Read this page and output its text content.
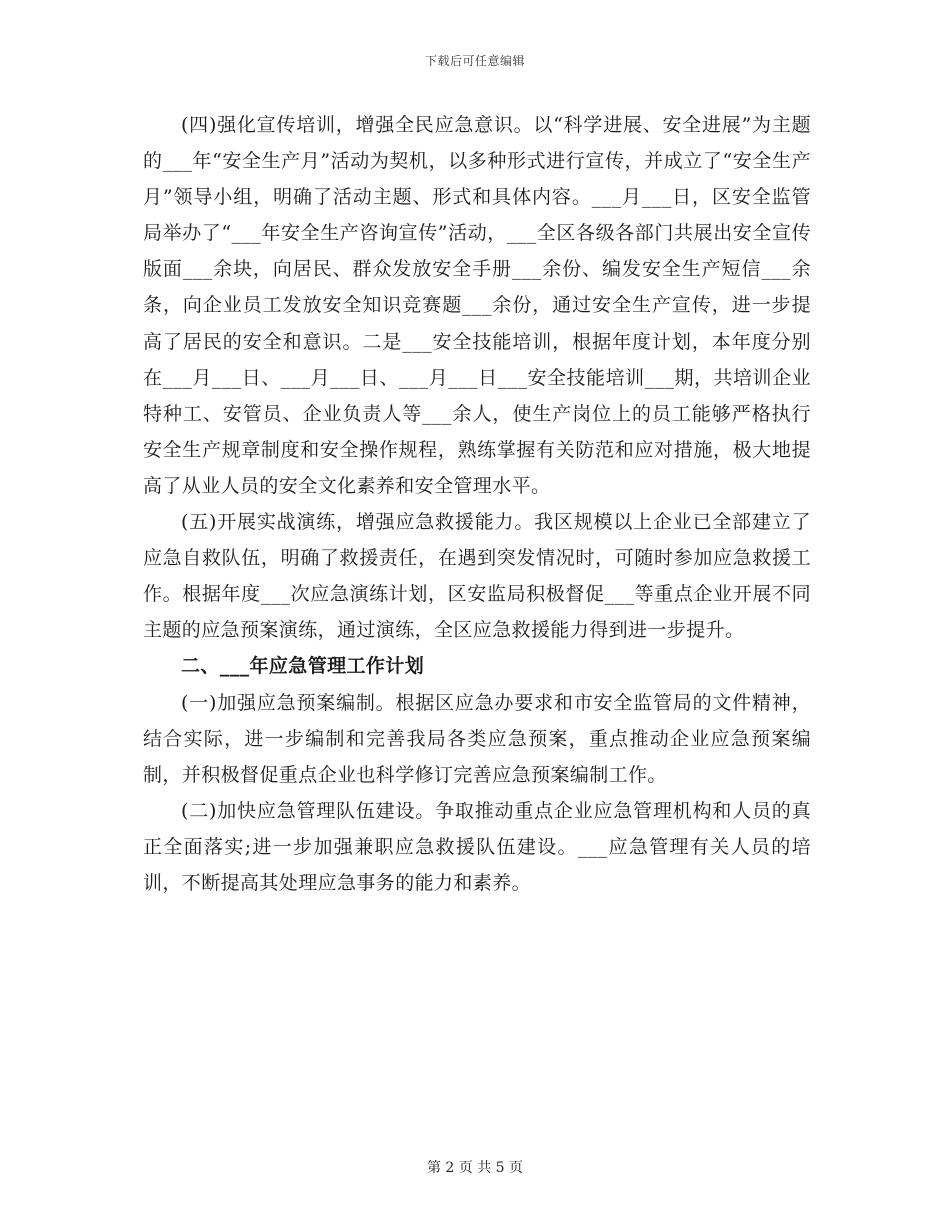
下载后可任意编辑

(四)强化宣传培训，增强全民应急意识。以“科学进展、安全进展”为主题的___年“安全生产月”活动为契机，以多种形式进行宣传，并成立了“安全生产月”领导小组，明确了活动主题、形式和具体内容。___月___日，区安全监管局举办了“___年安全生产咨询宣传”活动，___全区各级各部门共展出安全宣传版面___余块，向居民、群众发放安全手册___余份、编发安全生产短信___余条，向企业员工发放安全知识竞赛题___余份，通过安全生产宣传，进一步提高了居民的安全和意识。二是___安全技能培训，根据年度计划，本年度分别在___月___日、___月___日、___月___日___安全技能培训___期，共培训企业特种工、安管员、企业负责人等___余人，使生产岗位上的员工能够严格执行安全生产规章制度和安全操作规程，熟练掌握有关防范和应对措施，极大地提高了从业人员的安全文化素养和安全管理水平。

(五)开展实战演练，增强应急救援能力。我区规模以上企业已全部建立了应急自救队伍，明确了救援责任，在遇到突发情况时，可随时参加应急救援工作。根据年度___次应急演练计划，区安监局积极督促___等重点企业开展不同主题的应急预案演练，通过演练，全区应急救援能力得到进一步提升。

二、___年应急管理工作计划

(一)加强应急预案编制。根据区应急办要求和市安全监管局的文件精神，结合实际，进一步编制和完善我局各类应急预案，重点推动企业应急预案编制，并积极督促重点企业也科学修订完善应急预案编制工作。

(二)加快应急管理队伍建设。争取推动重点企业应急管理机构和人员的真正全面落实;进一步加强兼职应急救援队伍建设。___应急管理有关人员的培训，不断提高其处理应急事务的能力和素养。

第 2 页 共 5 页
